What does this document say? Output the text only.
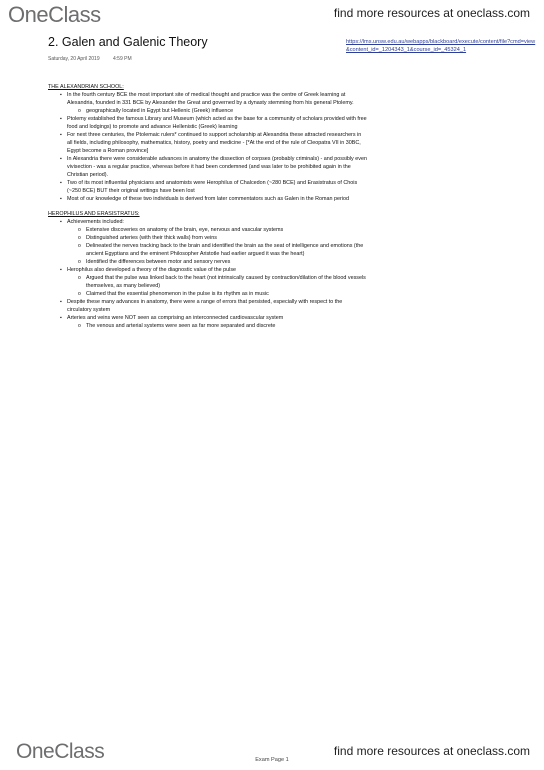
OneClass	find more resources at oneclass.com
2. Galen and Galenic Theory
Saturday, 20 April 2019	4:59 PM
https://lms.unsw.edu.au/webapps/blackboard/execute/content/file?cmd=view&content_id=_1204343_1&course_id=_45324_1

THE ALEXANDRIAN SCHOOL:

▪ In the fourth century BCE the most important site of medical thought and practice was the centre of Greek learning at Alexandria, founded in 331 BCE by Alexander the Great and governed by a dynasty stemming from his general Ptolemy.
o geographically located in Egypt but Hellenic (Greek) influence
▪ Ptolemy established the famous Library and Museum (which acted as the base for a community of scholars provided with free food and lodgings) to promote and advance Hellenistic (Greek) learning
▪ For next three centuries, the Ptolemaic rulers* continued to support scholarship at Alexandria these attracted researchers in all fields, including philosophy, mathematics, history, poetry and medicine - [*At the end of the rule of Cleopatra VII in 30BC, Egypt become a Roman province]
▪ In Alexandria there were considerable advances in anatomy the dissection of corpses (probably criminals) - and possibly even vivisection - was a regular practice, whereas before it had been condemned (and was later to be prohibited again in the Christian period).
▪ Two of its most influential physicians and anatomists were Herophilus of Chalcedon (~280 BCE) and Erasistratus of Chois (~250 BCE) BUT their original writings have been lost
▪ Most of our knowledge of these two individuals is derived from later commentators such as Galen in the Roman period

HEROPHILUS AND ERASISTRATUS:

▪ Achievements included:
o Extensive discoveries on anatomy of the brain, eye, nervous and vascular systems
o Distinguished arteries (with their thick walls) from veins
o Delineated the nerves tracking back to the brain and identified the brain as the seat of intelligence and emotions (the ancient Egyptians and the eminent Philosopher Aristotle had earlier argued it was the heart)
o Identified the differences between motor and sensory nerves
▪ Herophilus also developed a theory of the diagnostic value of the pulse
o Argued that the pulse was linked back to the heart (not intrinsically caused by contraction/dilation of the blood vessels themselves, as many believed)
o Claimed that the essential phenomenon in the pulse is its rhythm as in music
▪ Despite these many advances in anatomy, there were a range of errors that persisted, especially with respect to the circulatory system
▪ Arteries and veins were NOT seen as comprising an interconnected cardiovascular system
o The venous and arterial systems were seen as far more separated and discrete
OneClass	find more resources at oneclass.com
Exam Page 1
